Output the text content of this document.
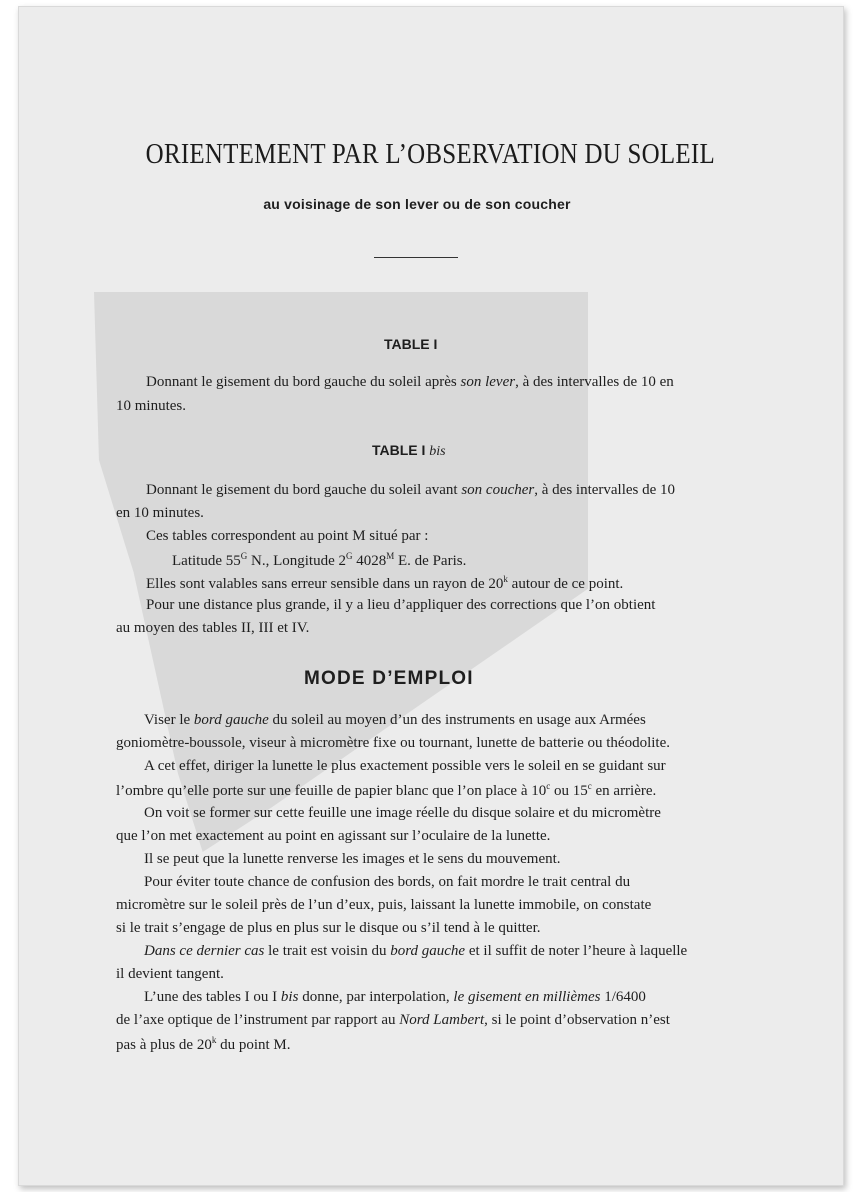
ORIENTEMENT PAR L’OBSERVATION DU SOLEIL
au voisinage de son lever ou de son coucher
TABLE I
Donnant le gisement du bord gauche du soleil après son lever, à des intervalles de 10 en
10 minutes.
TABLE I bis
Donnant le gisement du bord gauche du soleil avant son coucher, à des intervalles de 10
en 10 minutes.
Ces tables correspondent au point M situé par :
Latitude $55^G$ N., Longitude $2^G$ $4028^M$ E. de Paris.
Elles sont valables sans erreur sensible dans un rayon de 20$^k$ autour de ce point.
Pour une distance plus grande, il y a lieu d’appliquer des corrections que l’on obtient
au moyen des tables II, III et IV.
MODE D’EMPLOI
Viser le bord gauche du soleil au moyen d’un des instruments en usage aux Armées
goniomètre-boussole, viseur à micromètre fixe ou tournant, lunette de batterie ou théodolite.
A cet effet, diriger la lunette le plus exactement possible vers le soleil en se guidant sur
l’ombre qu’elle porte sur une feuille de papier blanc que l’on place à 10$^c$ ou 15$^c$ en arrière.
On voit se former sur cette feuille une image réelle du disque solaire et du micromètre
que l’on met exactement au point en agissant sur l’oculaire de la lunette.
Il se peut que la lunette renverse les images et le sens du mouvement.
Pour éviter toute chance de confusion des bords, on fait mordre le trait central du
micromètre sur le soleil près de l’un d’eux, puis, laissant la lunette immobile, on constate
si le trait s’engage de plus en plus sur le disque ou s’il tend à le quitter.
Dans ce dernier cas le trait est voisin du bord gauche et il suffit de noter l’heure à laquelle
il devient tangent.
L’une des tables I ou I bis donne, par interpolation, le gisement en millièmes 1/6400
de l’axe optique de l’instrument par rapport au Nord Lambert, si le point d’observation n’est
pas à plus de 20$^k$ du point M.
